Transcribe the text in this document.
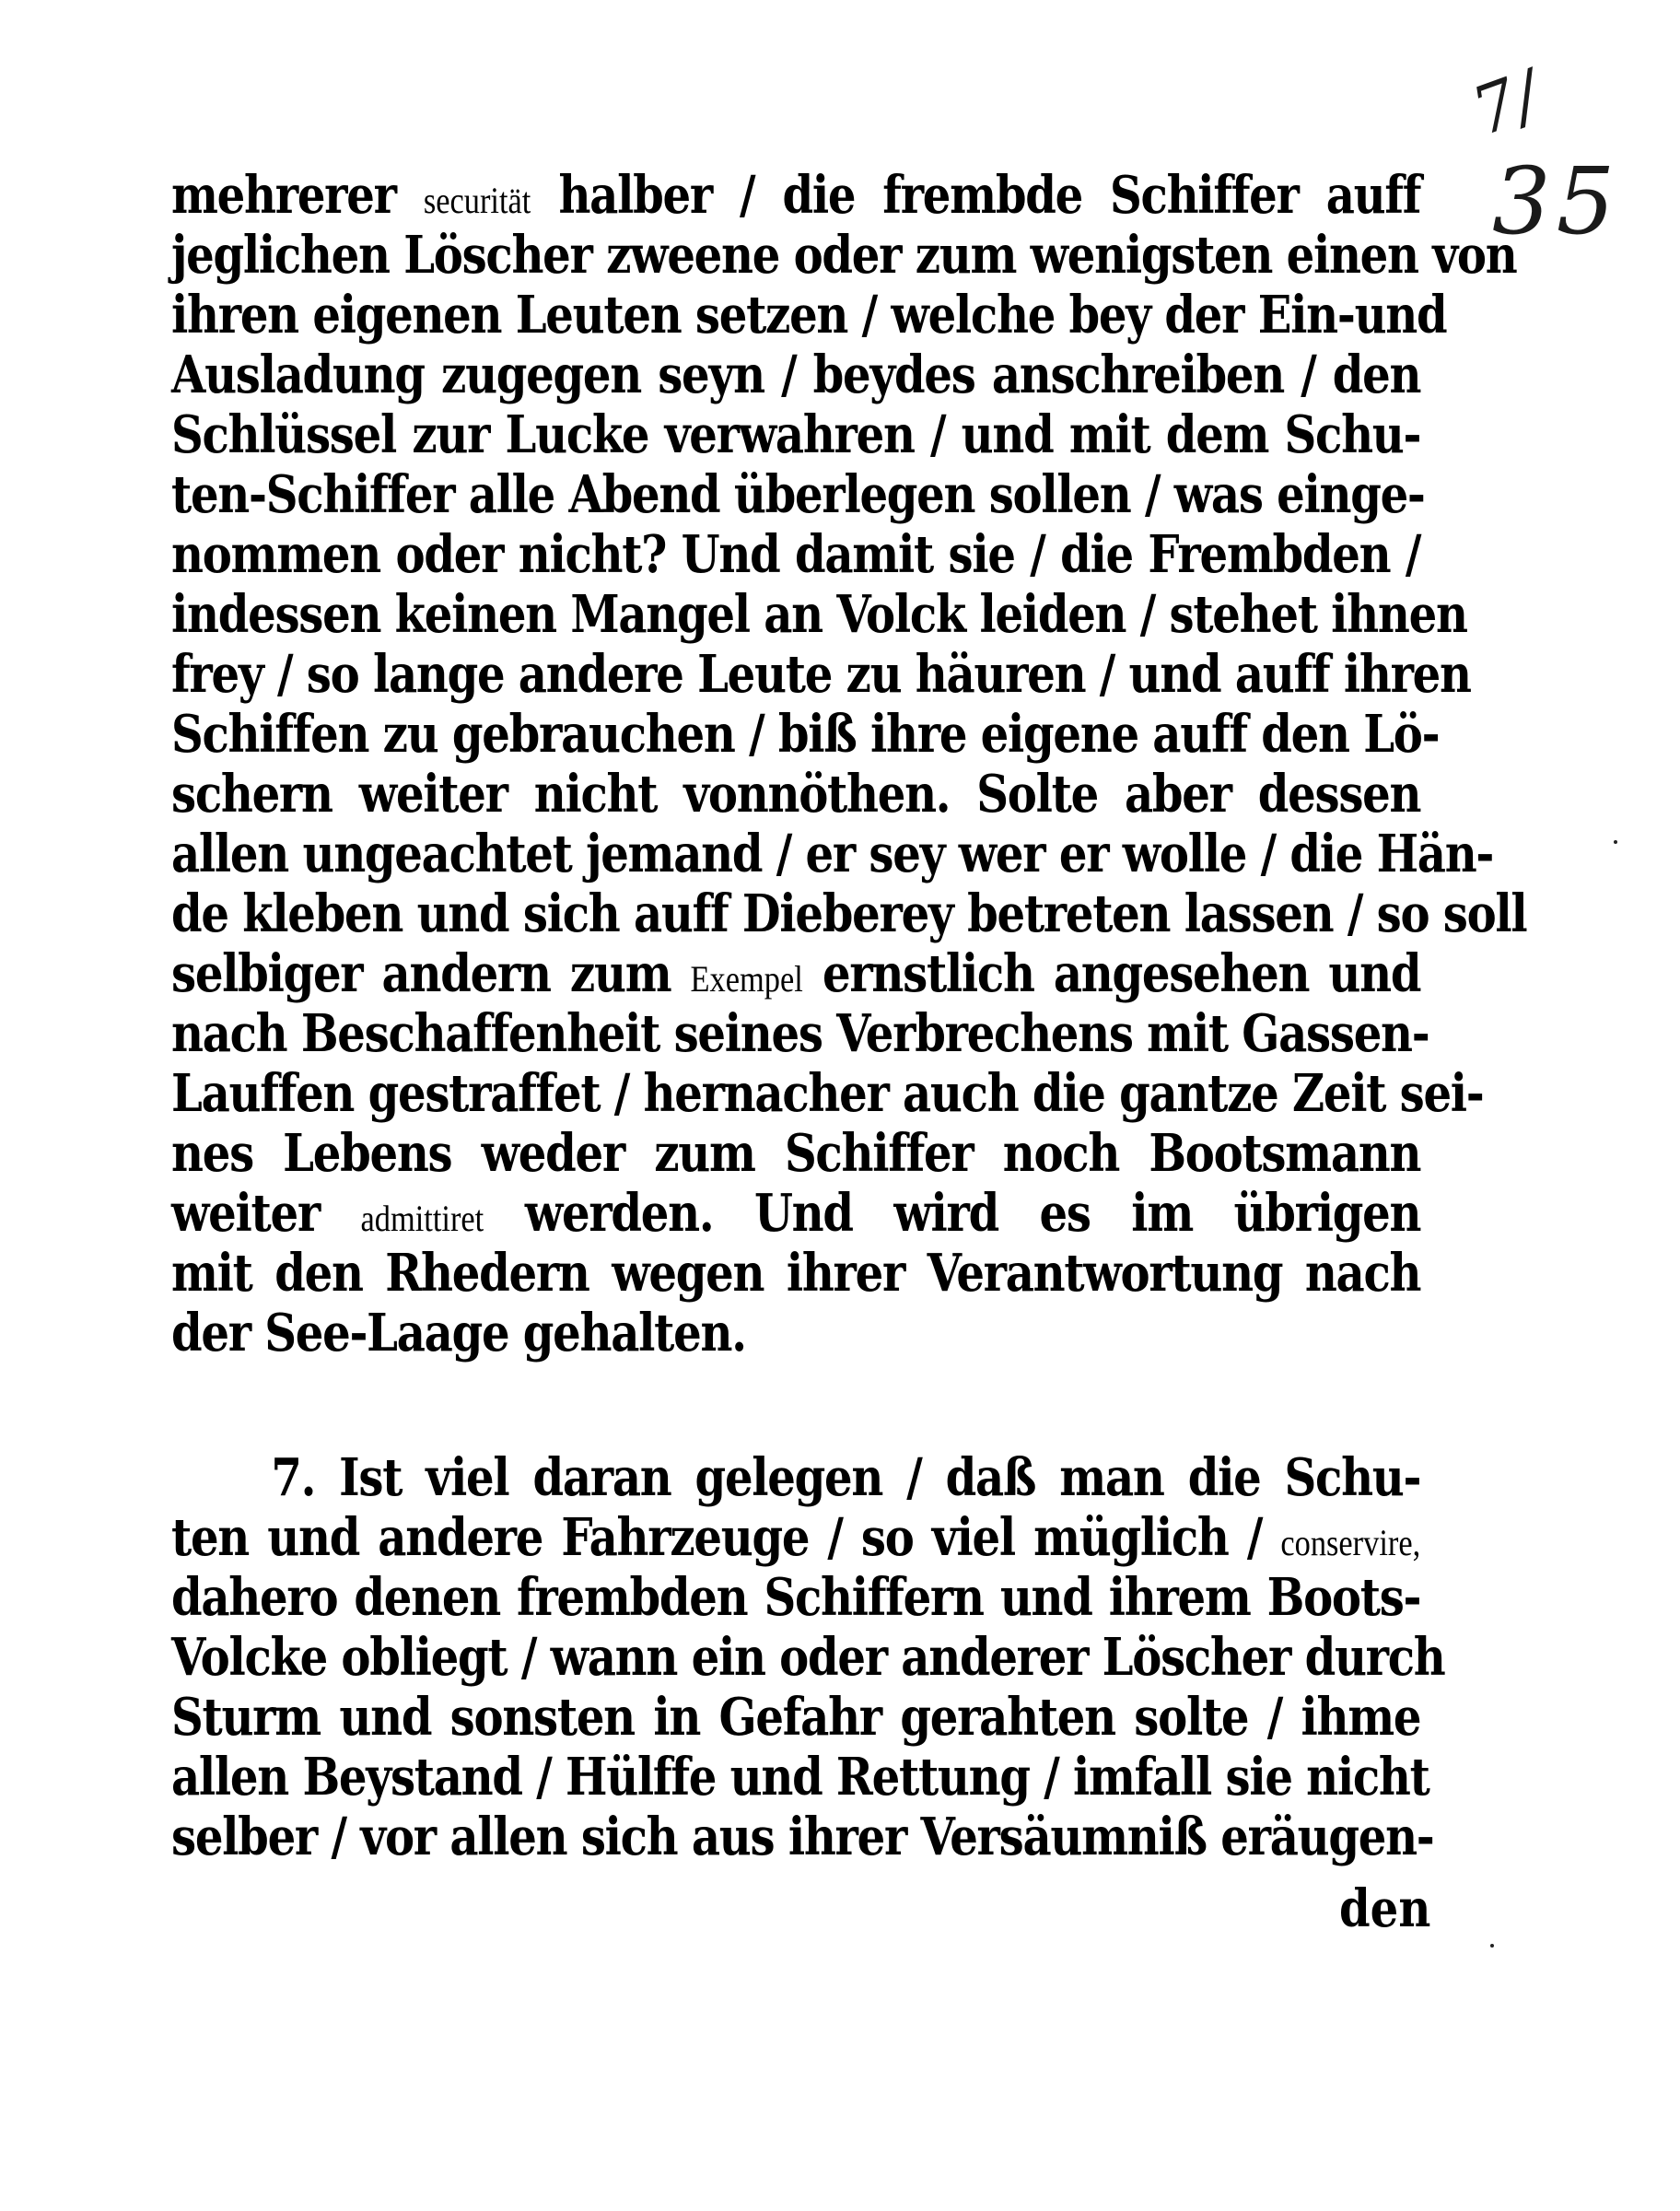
7/
35
mehrerer securität halber / die frembde Schiffer auff
jeglichen Löscher zweene oder zum wenigsten einen von
ihren eigenen Leuten setzen / welche bey der Ein-und
Ausladung zugegen seyn / beydes anschreiben / den
Schlüssel zur Lucke verwahren / und mit dem Schu-
ten-Schiffer alle Abend überlegen sollen / was einge-
nommen oder nicht? Und damit sie / die Frembden /
indessen keinen Mangel an Volck leiden / stehet ihnen
frey / so lange andere Leute zu häuren / und auff ihren
Schiffen zu gebrauchen / biß ihre eigene auff den Lö-
schern weiter nicht vonnöthen. Solte aber dessen
allen ungeachtet jemand / er sey wer er wolle / die Hän-
de kleben und sich auff Dieberey betreten lassen / so soll
selbiger andern zum Exempel ernstlich angesehen und
nach Beschaffenheit seines Verbrechens mit Gassen-
Lauffen gestraffet / hernacher auch die gantze Zeit sei-
nes Lebens weder zum Schiffer noch Bootsmann
weiter admittiret werden. Und wird es im übrigen
mit den Rhedern wegen ihrer Verantwortung nach
der See-Laage gehalten.
7. Ist viel daran gelegen / daß man die Schu-
ten und andere Fahrzeuge / so viel müglich / conservire,
dahero denen frembden Schiffern und ihrem Boots-
Volcke obliegt / wann ein oder anderer Löscher durch
Sturm und sonsten in Gefahr gerahten solte / ihme
allen Beystand / Hülffe und Rettung / imfall sie nicht
selber / vor allen sich aus ihrer Versäumniß eräugen-
den
